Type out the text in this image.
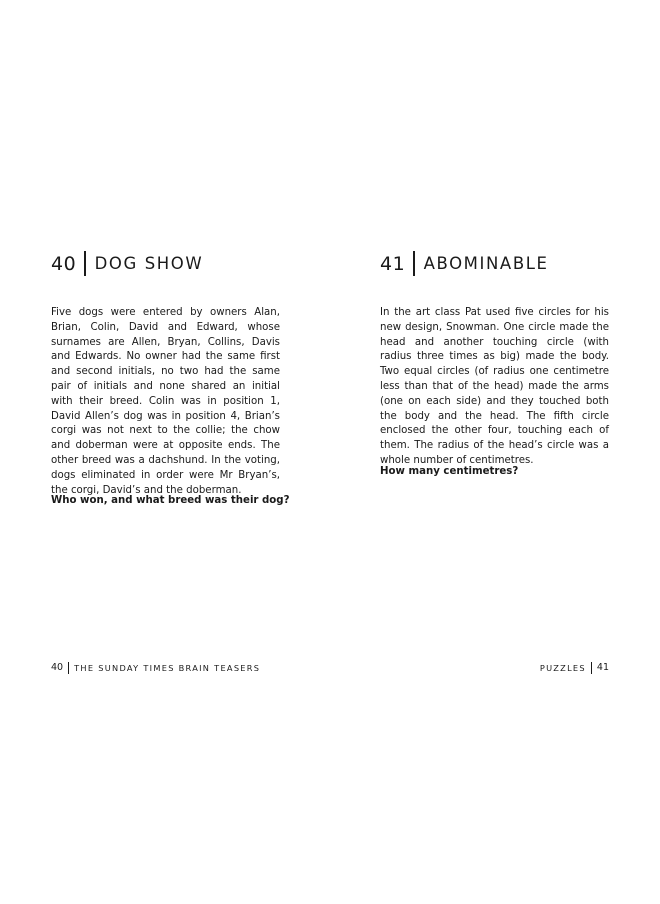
40 DOG SHOW

Five dogs were entered by owners Alan, Brian, Colin, David and Edward, whose surnames are Allen, Bryan, Collins, Davis and Edwards. No owner had the same first and second initials, no two had the same pair of initials and none shared an initial with their breed. Colin was in position 1, David Allen’s dog was in position 4, Brian’s corgi was not next to the collie; the chow and doberman were at opposite ends. The other breed was a dachshund. In the voting, dogs eliminated in order were Mr Bryan’s, the corgi, David’s and the doberman.

Who won, and what breed was their dog?

40 THE SUNDAY TIMES BRAIN TEASERS
41 ABOMINABLE

In the art class Pat used five circles for his new design, Snowman. One circle made the head and another touching circle (with radius three times as big) made the body. Two equal circles (of radius one centimetre less than that of the head) made the arms (one on each side) and they touched both the body and the head. The fifth circle enclosed the other four, touching each of them. The radius of the head’s circle was a whole number of centimetres.

How many centimetres?

PUZZLES 41
